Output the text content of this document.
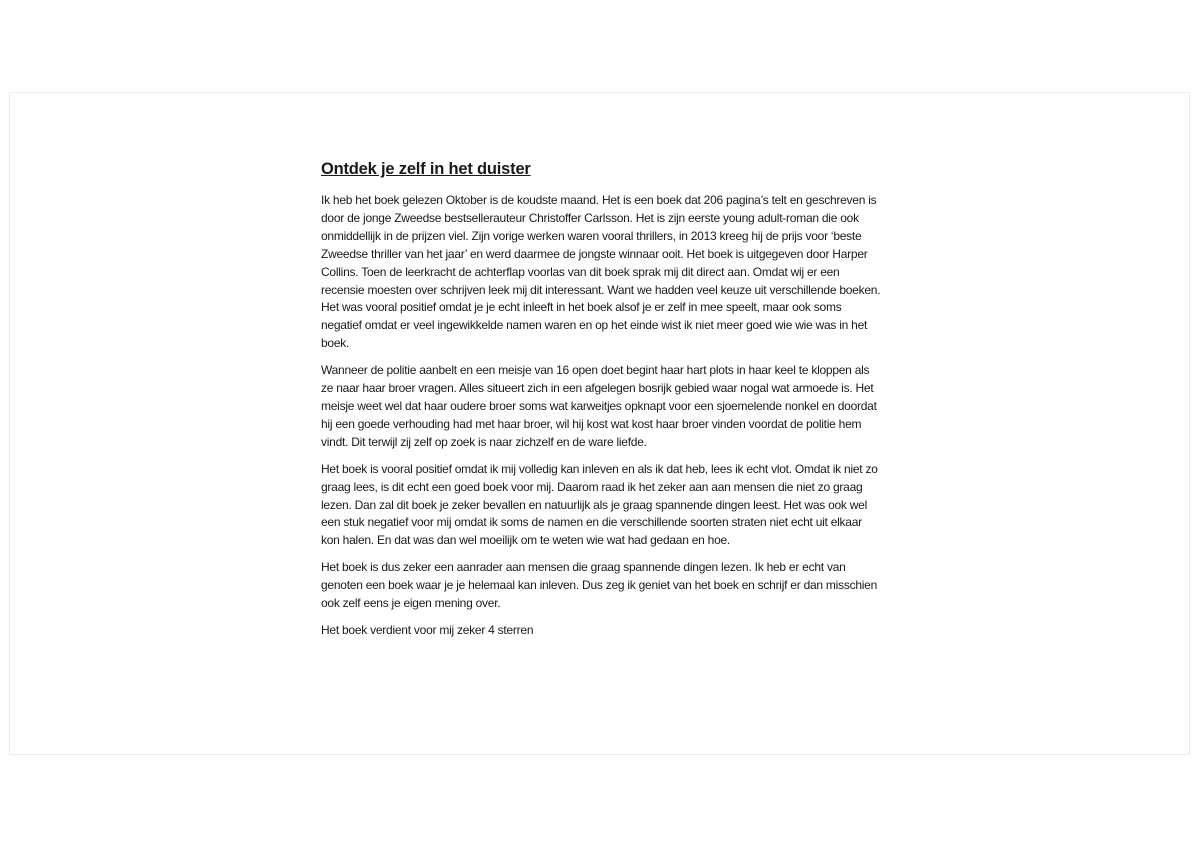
Ontdek je zelf in het duister

Ik heb het boek gelezen Oktober is de koudste maand. Het is een boek dat 206 pagina’s telt en geschreven is door de jonge Zweedse bestsellerauteur Christoffer Carlsson. Het is zijn eerste young adult-roman die ook onmiddellijk in de prijzen viel. Zijn vorige werken waren vooral thrillers, in 2013 kreeg hij de prijs voor ‘beste Zweedse thriller van het jaar’ en werd daarmee de jongste winnaar ooit. Het boek is uitgegeven door Harper Collins. Toen de leerkracht de achterflap voorlas van dit boek sprak mij dit direct aan. Omdat wij er een recensie moesten over schrijven leek mij dit interessant. Want we hadden veel keuze uit verschillende boeken. Het was vooral positief omdat je je echt inleeft in het boek alsof je er zelf in mee speelt, maar ook soms negatief omdat er veel ingewikkelde namen waren en op het einde wist ik niet meer goed wie wie was in het boek.

Wanneer de politie aanbelt en een meisje van 16 open doet begint haar hart plots in haar keel te kloppen als ze naar haar broer vragen. Alles situeert zich in een afgelegen bosrijk gebied waar nogal wat armoede is. Het meisje weet wel dat haar oudere broer soms wat karweitjes opknapt voor een sjoemelende nonkel en doordat hij een goede verhouding had met haar broer, wil hij kost wat kost haar broer vinden voordat de politie hem vindt. Dit terwijl zij zelf op zoek is naar zichzelf en de ware liefde.

Het boek is vooral positief omdat ik mij volledig kan inleven en als ik dat heb, lees ik echt vlot. Omdat ik niet zo graag lees, is dit echt een goed boek voor mij. Daarom raad ik het zeker aan aan mensen die niet zo graag lezen. Dan zal dit boek je zeker bevallen en natuurlijk als je graag spannende dingen leest. Het was ook wel een stuk negatief voor mij omdat ik soms de namen en die verschillende soorten straten niet echt uit elkaar kon halen. En dat was dan wel moeilijk om te weten wie wat had gedaan en hoe.

Het boek is dus zeker een aanrader aan mensen die graag spannende dingen lezen. Ik heb er echt van genoten een boek waar je je helemaal kan inleven. Dus zeg ik geniet van het boek en schrijf er dan misschien ook zelf eens je eigen mening over.

Het boek verdient voor mij zeker 4 sterren
